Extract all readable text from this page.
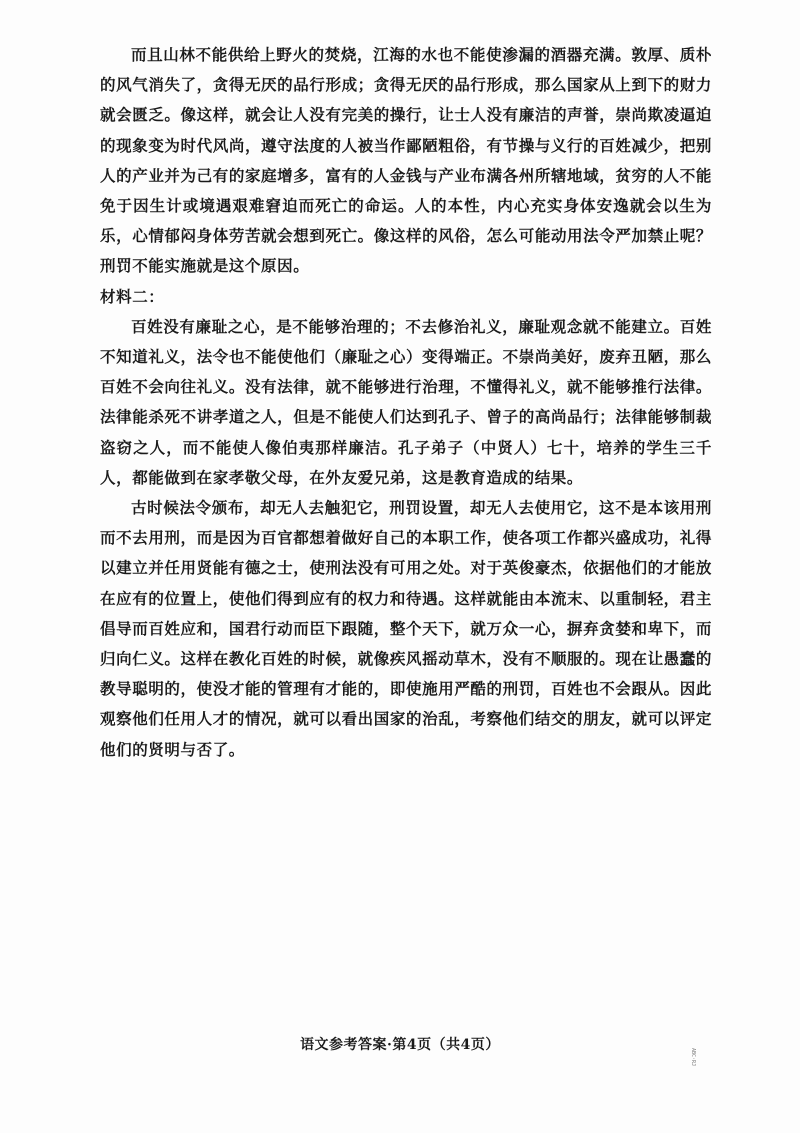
而且山林不能供给上野火的焚烧，江海的水也不能使渗漏的酒器充满。敦厚、质朴的风气消失了，贪得无厌的品行形成；贪得无厌的品行形成，那么国家从上到下的财力就会匮乏。像这样，就会让人没有完美的操行，让士人没有廉洁的声誉，崇尚欺凌逼迫的现象变为时代风尚，遵守法度的人被当作鄙陋粗俗，有节操与义行的百姓减少，把别人的产业并为己有的家庭增多，富有的人金钱与产业布满各州所辖地域，贫穷的人不能免于因生计或境遇艰难窘迫而死亡的命运。人的本性，内心充实身体安逸就会以生为乐，心情郁闷身体劳苦就会想到死亡。像这样的风俗，怎么可能动用法令严加禁止呢？刑罚不能实施就是这个原因。

材料二：

百姓没有廉耻之心，是不能够治理的；不去修治礼义，廉耻观念就不能建立。百姓不知道礼义，法令也不能使他们（廉耻之心）变得端正。不崇尚美好，废弃丑陋，那么百姓不会向往礼义。没有法律，就不能够进行治理，不懂得礼义，就不能够推行法律。法律能杀死不讲孝道之人，但是不能使人们达到孔子、曾子的高尚品行；法律能够制裁盗窃之人，而不能使人像伯夷那样廉洁。孔子弟子（中贤人）七十，培养的学生三千人，都能做到在家孝敬父母，在外友爱兄弟，这是教育造成的结果。

古时候法令颁布，却无人去触犯它，刑罚设置，却无人去使用它，这不是本该用刑而不去用刑，而是因为百官都想着做好自己的本职工作，使各项工作都兴盛成功，礼得以建立并任用贤能有德之士，使刑法没有可用之处。对于英俊豪杰，依据他们的才能放在应有的位置上，使他们得到应有的权力和待遇。这样就能由本流末、以重制轻，君主倡导而百姓应和，国君行动而臣下跟随，整个天下，就万众一心，摒弃贪婪和卑下，而归向仁义。这样在教化百姓的时候，就像疾风摇动草木，没有不顺服的。现在让愚蠢的教导聪明的，使没才能的管理有才能的，即使施用严酷的刑罚，百姓也不会跟从。因此观察他们任用人才的情况，就可以看出国家的治乱，考察他们结交的朋友，就可以评定他们的贤明与否了。

语文参考答案·第4页（共4页）
ABC·RJ
